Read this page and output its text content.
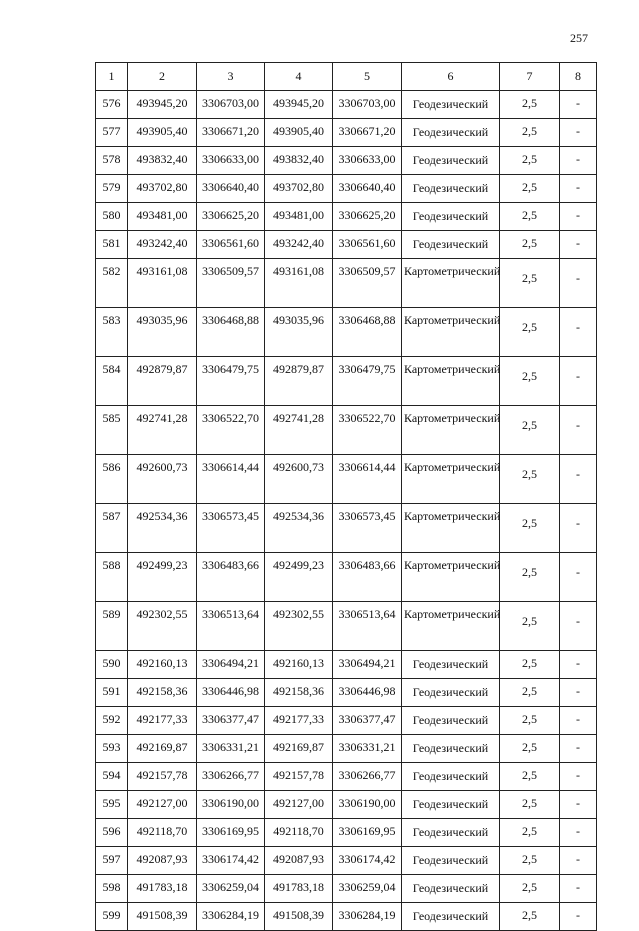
257
1	2	3	4	5	6	7	8
576	493945,20	3306703,00	493945,20	3306703,00	Геодезический	2,5	-
577	493905,40	3306671,20	493905,40	3306671,20	Геодезический	2,5	-
578	493832,40	3306633,00	493832,40	3306633,00	Геодезический	2,5	-
579	493702,80	3306640,40	493702,80	3306640,40	Геодезический	2,5	-
580	493481,00	3306625,20	493481,00	3306625,20	Геодезический	2,5	-
581	493242,40	3306561,60	493242,40	3306561,60	Геодезический	2,5	-
582	493161,08	3306509,57	493161,08	3306509,57	Картометрический	2,5	-
583	493035,96	3306468,88	493035,96	3306468,88	Картометрический	2,5	-
584	492879,87	3306479,75	492879,87	3306479,75	Картометрический	2,5	-
585	492741,28	3306522,70	492741,28	3306522,70	Картометрический	2,5	-
586	492600,73	3306614,44	492600,73	3306614,44	Картометрический	2,5	-
587	492534,36	3306573,45	492534,36	3306573,45	Картометрический	2,5	-
588	492499,23	3306483,66	492499,23	3306483,66	Картометрический	2,5	-
589	492302,55	3306513,64	492302,55	3306513,64	Картометрический	2,5	-
590	492160,13	3306494,21	492160,13	3306494,21	Геодезический	2,5	-
591	492158,36	3306446,98	492158,36	3306446,98	Геодезический	2,5	-
592	492177,33	3306377,47	492177,33	3306377,47	Геодезический	2,5	-
593	492169,87	3306331,21	492169,87	3306331,21	Геодезический	2,5	-
594	492157,78	3306266,77	492157,78	3306266,77	Геодезический	2,5	-
595	492127,00	3306190,00	492127,00	3306190,00	Геодезический	2,5	-
596	492118,70	3306169,95	492118,70	3306169,95	Геодезический	2,5	-
597	492087,93	3306174,42	492087,93	3306174,42	Геодезический	2,5	-
598	491783,18	3306259,04	491783,18	3306259,04	Геодезический	2,5	-
599	491508,39	3306284,19	491508,39	3306284,19	Геодезический	2,5	-
